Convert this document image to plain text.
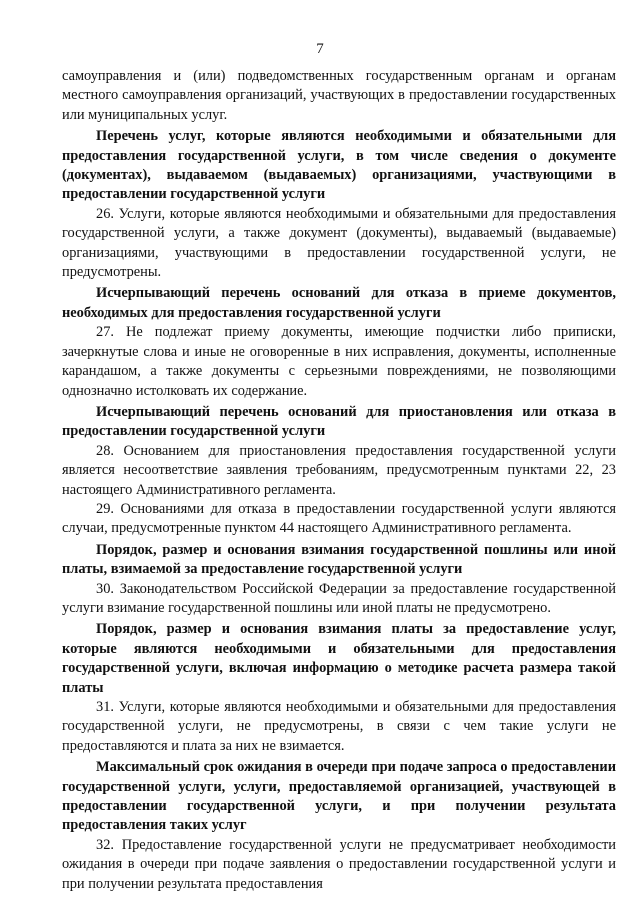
7

самоуправления и (или) подведомственных государственным органам и органам местного самоуправления организаций, участвующих в предоставлении государственных или муниципальных услуг.

Перечень услуг, которые являются необходимыми и обязательными для предоставления государственной услуги, в том числе сведения о документе (документах), выдаваемом (выдаваемых) организациями, участвующими в предоставлении государственной услуги

26. Услуги, которые являются необходимыми и обязательными для предоставления государственной услуги, а также документ (документы), выдаваемый (выдаваемые) организациями, участвующими в предоставлении государственной услуги, не предусмотрены.

Исчерпывающий перечень оснований для отказа в приеме документов, необходимых для предоставления государственной услуги

27. Не подлежат приему документы, имеющие подчистки либо приписки, зачеркнутые слова и иные не оговоренные в них исправления, документы, исполненные карандашом, а также документы с серьезными повреждениями, не позволяющими однозначно истолковать их содержание.

Исчерпывающий перечень оснований для приостановления или отказа в предоставлении государственной услуги

28. Основанием для приостановления предоставления государственной услуги является несоответствие заявления требованиям, предусмотренным пунктами 22, 23 настоящего Административного регламента.

29. Основаниями для отказа в предоставлении государственной услуги являются случаи, предусмотренные пунктом 44 настоящего Административного регламента.

Порядок, размер и основания взимания государственной пошлины или иной платы, взимаемой за предоставление государственной услуги

30. Законодательством Российской Федерации за предоставление государственной услуги взимание государственной пошлины или иной платы не предусмотрено.

Порядок, размер и основания взимания платы за предоставление услуг, которые являются необходимыми и обязательными для предоставления государственной услуги, включая информацию о методике расчета размера такой платы

31. Услуги, которые являются необходимыми и обязательными для предоставления государственной услуги, не предусмотрены, в связи с чем такие услуги не предоставляются и плата за них не взимается.

Максимальный срок ожидания в очереди при подаче запроса о предоставлении государственной услуги, услуги, предоставляемой организацией, участвующей в предоставлении государственной услуги, и при получении результата предоставления таких услуг

32. Предоставление государственной услуги не предусматривает необходимости ожидания в очереди при подаче заявления о предоставлении государственной услуги и при получении результата предоставления
